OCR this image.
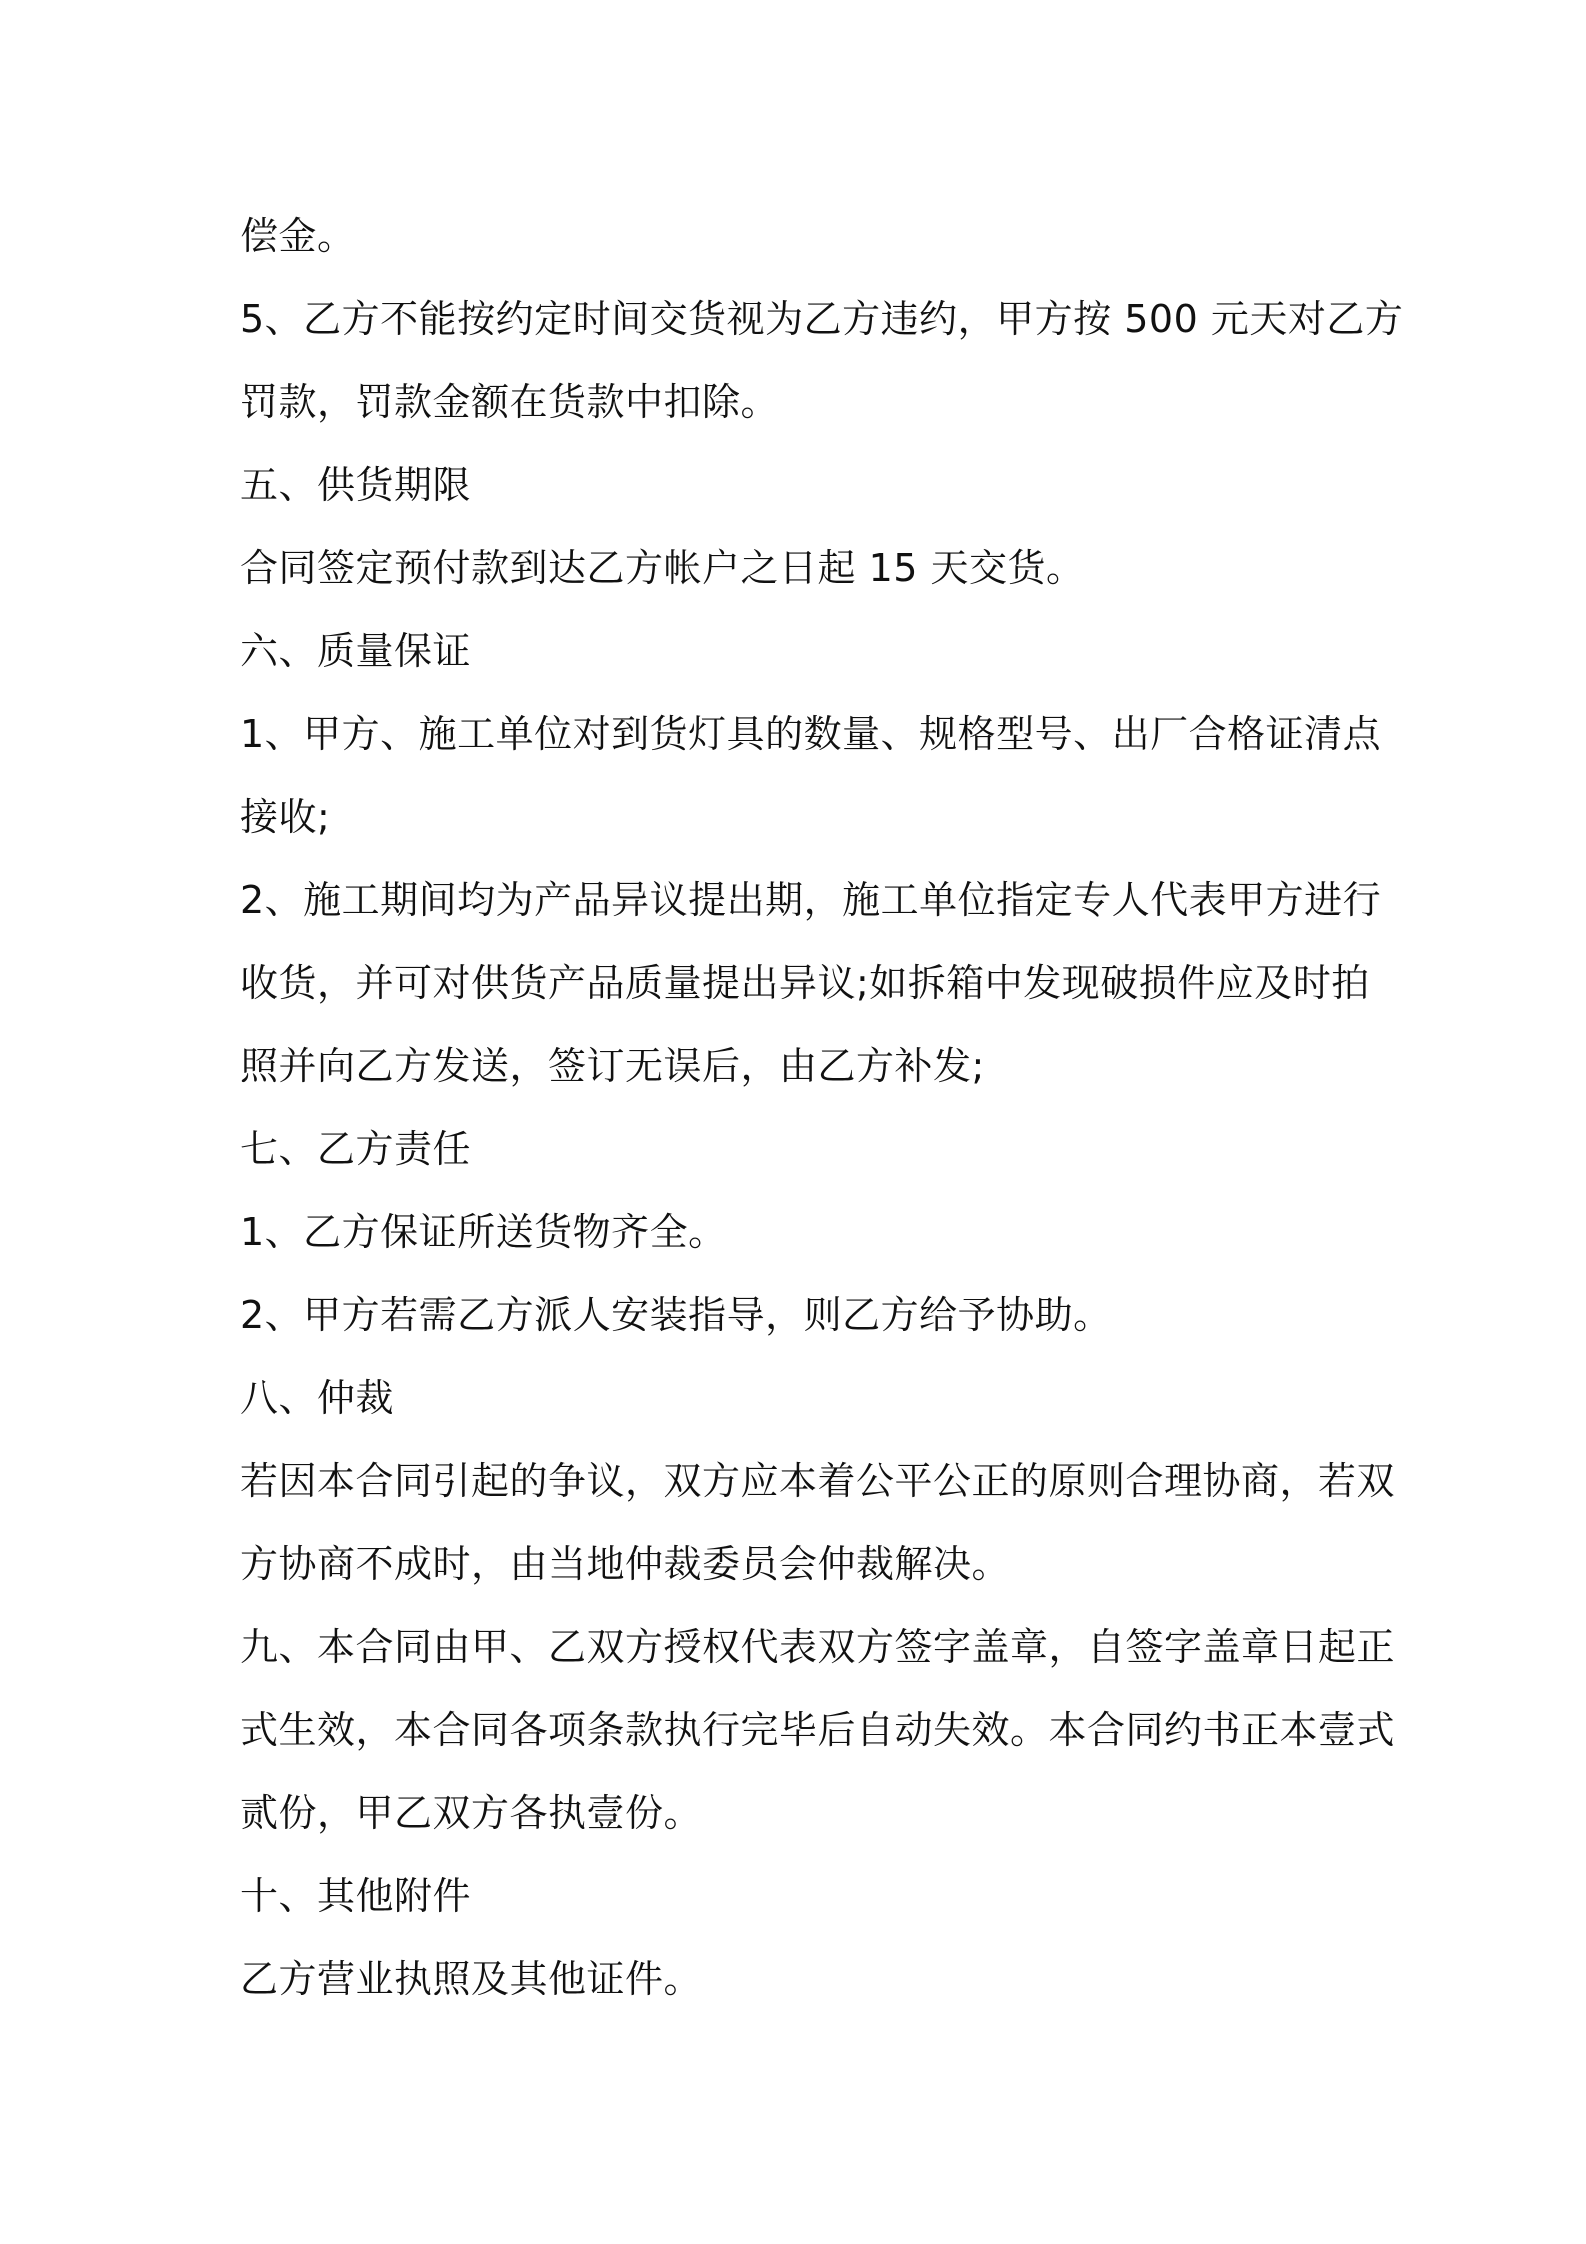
偿金。
5、乙方不能按约定时间交货视为乙方违约，甲方按 500 元天对乙方
罚款，罚款金额在货款中扣除。
五、供货期限
合同签定预付款到达乙方帐户之日起 15 天交货。
六、质量保证
1、甲方、施工单位对到货灯具的数量、规格型号、出厂合格证清点
接收;
2、施工期间均为产品异议提出期，施工单位指定专人代表甲方进行
收货，并可对供货产品质量提出异议;如拆箱中发现破损件应及时拍
照并向乙方发送，签订无误后，由乙方补发;
七、乙方责任
1、乙方保证所送货物齐全。
2、甲方若需乙方派人安装指导，则乙方给予协助。
八、仲裁
若因本合同引起的争议，双方应本着公平公正的原则合理协商，若双
方协商不成时，由当地仲裁委员会仲裁解决。
九、本合同由甲、乙双方授权代表双方签字盖章，自签字盖章日起正
式生效，本合同各项条款执行完毕后自动失效。本合同约书正本壹式
贰份，甲乙双方各执壹份。
十、其他附件
乙方营业执照及其他证件。
